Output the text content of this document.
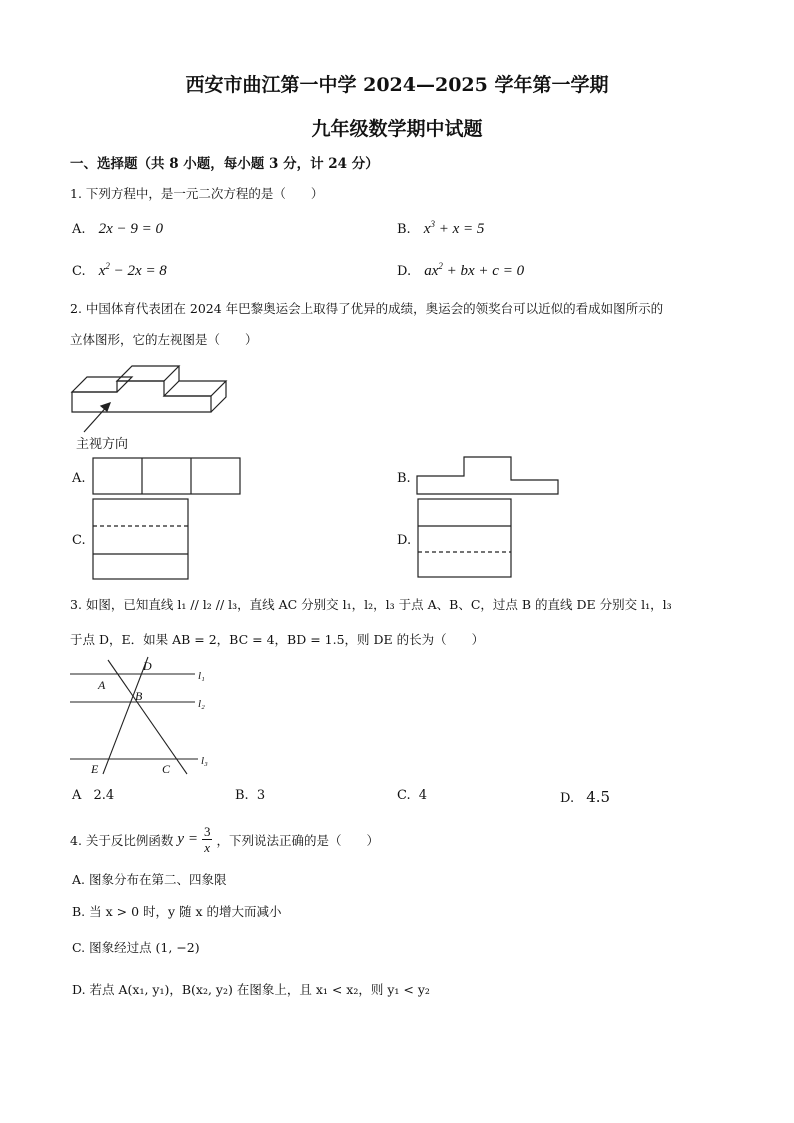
西安市曲江第一中学 2024—2025 学年第一学期
九年级数学期中试题
一、选择题（共 8 小题，每小题 3 分，计 24 分）
1. 下列方程中，是一元二次方程的是（　　）
A. 2x − 9 = 0	B. $x^3 + x = 5$
C. $x^2 - 2x = 8$	D. $ax^2$ + bx + c = 0
2. 中国体育代表团在 2024 年巴黎奥运会上取得了优异的成绩，奥运会的领奖台可以近似的看成如图所示的
立体图形，它的左视图是（　　）
主视方向
A.	B.
C.	D.
3. 如图，已知直线 l₁ // l₂ // l₃，直线 AC 分别交 l₁，l₂，l₃ 于点 A、B、C，过点 B 的直线 DE 分别交 l₁，l₃
于点 D，E．如果 AB = 2，BC = 4，BD = 1.5，则 DE 的长为（　　）
D
A
B
E	C
l₁
l₂
l₃
A 2.4	B. 3	C. 4	D. 4.5
4. 关于反比例函数 $y = \frac{3}{x}$ ，下列说法正确的是（　　）
A. 图象分布在第二、四象限
B. 当 x > 0 时，y 随 x 的增大而减小
C. 图象经过点 (1, −2)
D. 若点 A(x₁, y₁)，B(x₂, y₂) 在图象上，且 x₁ < x₂，则 y₁ < y₂
